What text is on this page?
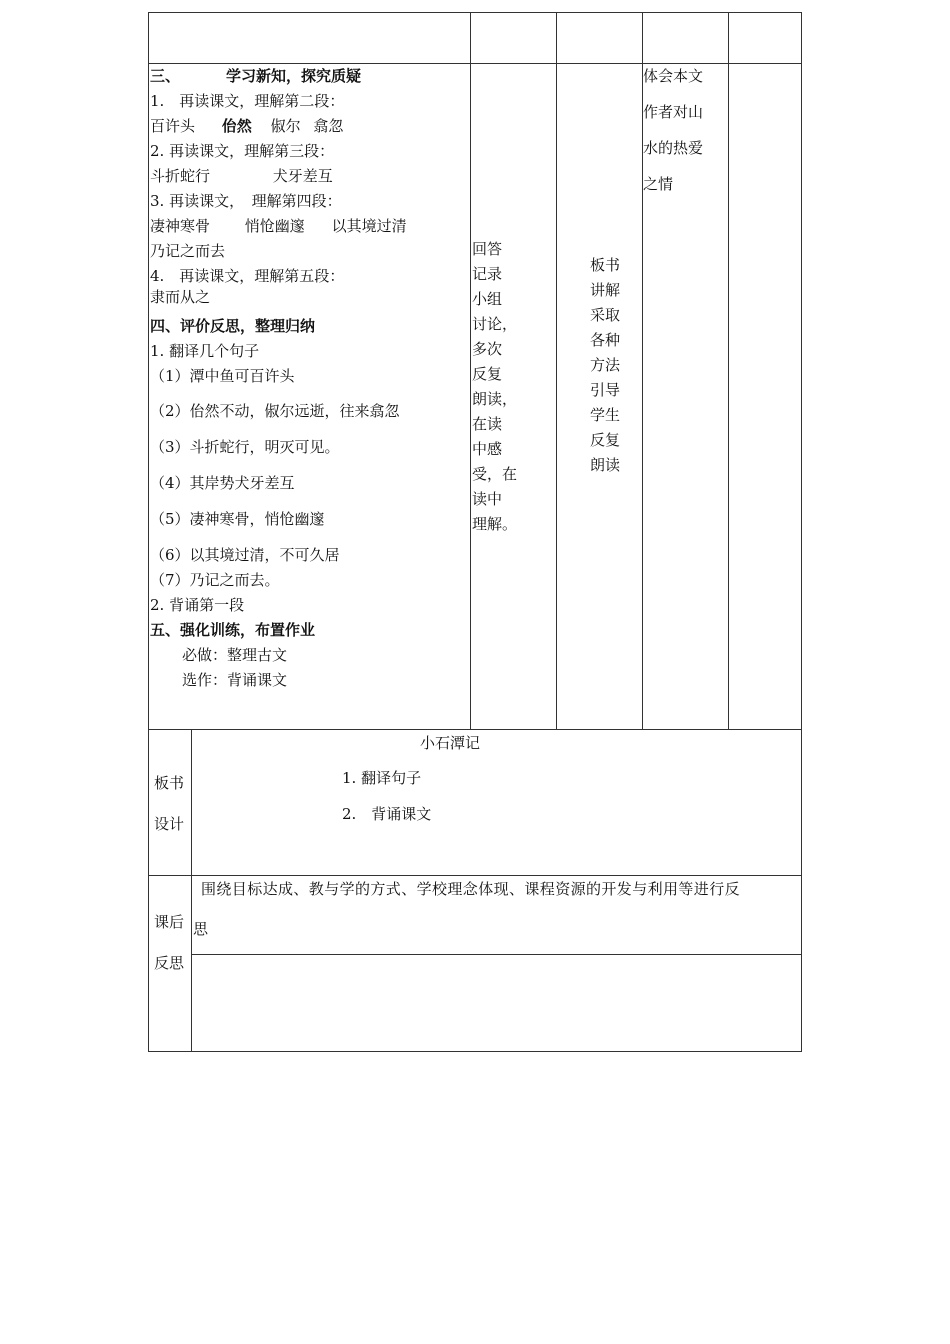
三、	学习新知，探究质疑
1.　再读课文，理解第二段：
百许头 佁然 俶尔 翕忽
2. 再读课文，理解第三段：
斗折蛇行	犬牙差互
3. 再读课文，　理解第四段：
凄神寒骨 悄怆幽邃 以其境过清
乃记之而去
4.　再读课文，理解第五段：
隶而从之
四、评价反思，整理归纳
1. 翻译几个句子
（1）潭中鱼可百许头
（2）佁然不动，俶尔远逝，往来翕忽
（3）斗折蛇行，明灭可见。
（4）其岸势犬牙差互
（5）凄神寒骨，悄怆幽邃
（6）以其境过清，不可久居
（7）乃记之而去。
2. 背诵第一段
五、强化训练，布置作业
必做：整理古文
选作：背诵课文
回答
记录
小组
讨论，
多次
反复
朗读，
在读
中感
受，在
读中
理解。
板书
讲解
采取
各种
方法
引导
学生
反复
朗读
体会本文
作者对山
水的热爱
之情
板书
设计
小石潭记
1. 翻译句子
2.　背诵课文
课后
反思
围绕目标达成、教与学的方式、学校理念体现、课程资源的开发与利用等进行反
思
